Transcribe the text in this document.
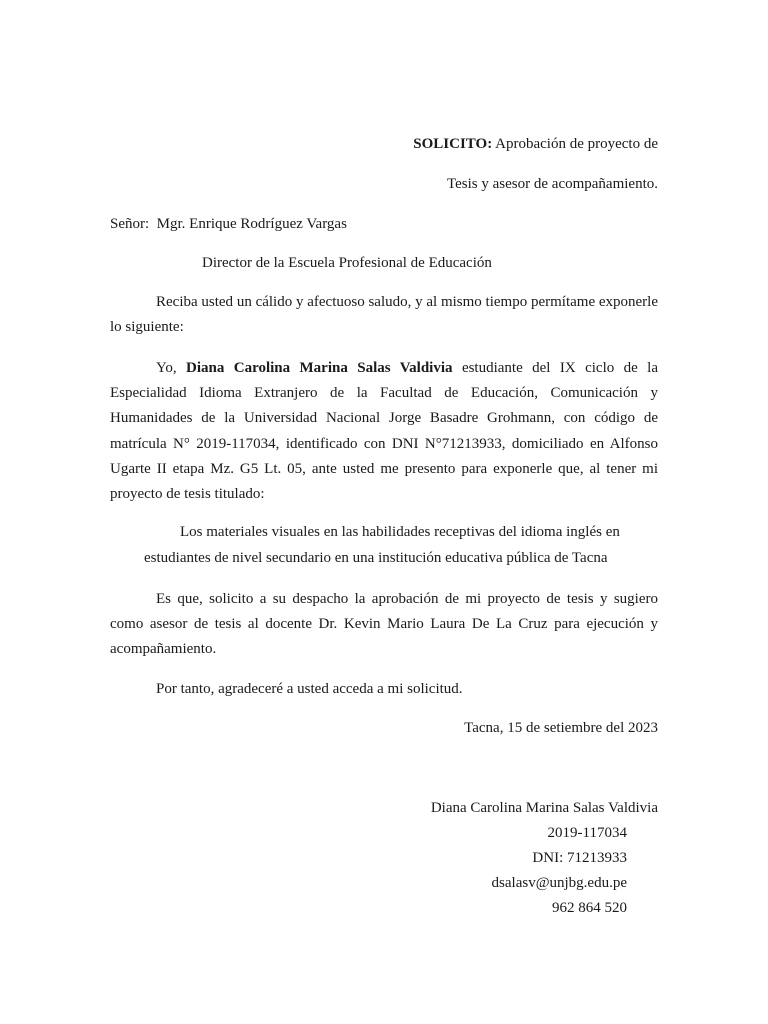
SOLICITO: Aprobación de proyecto de
Tesis y asesor de acompañamiento.
Señor: Mgr. Enrique Rodríguez Vargas
Director de la Escuela Profesional de Educación
Reciba usted un cálido y afectuoso saludo, y al mismo tiempo permítame exponerle lo siguiente:
Yo, Diana Carolina Marina Salas Valdivia estudiante del IX ciclo de la Especialidad Idioma Extranjero de la Facultad de Educación, Comunicación y Humanidades de la Universidad Nacional Jorge Basadre Grohmann, con código de matrícula N° 2019-117034, identificado con DNI N°71213933, domiciliado en Alfonso Ugarte II etapa Mz. G5 Lt. 05, ante usted me presento para exponerle que, al tener mi proyecto de tesis titulado:
Los materiales visuales en las habilidades receptivas del idioma inglés en
estudiantes de nivel secundario en una institución educativa pública de Tacna
Es que, solicito a su despacho la aprobación de mi proyecto de tesis y sugiero como asesor de tesis al docente Dr. Kevin Mario Laura De La Cruz para ejecución y acompañamiento.
Por tanto, agradeceré a usted acceda a mi solicitud.
Tacna, 15 de setiembre del 2023
Diana Carolina Marina Salas Valdivia
2019-117034
DNI: 71213933
dsalasv@unjbg.edu.pe
962 864 520
